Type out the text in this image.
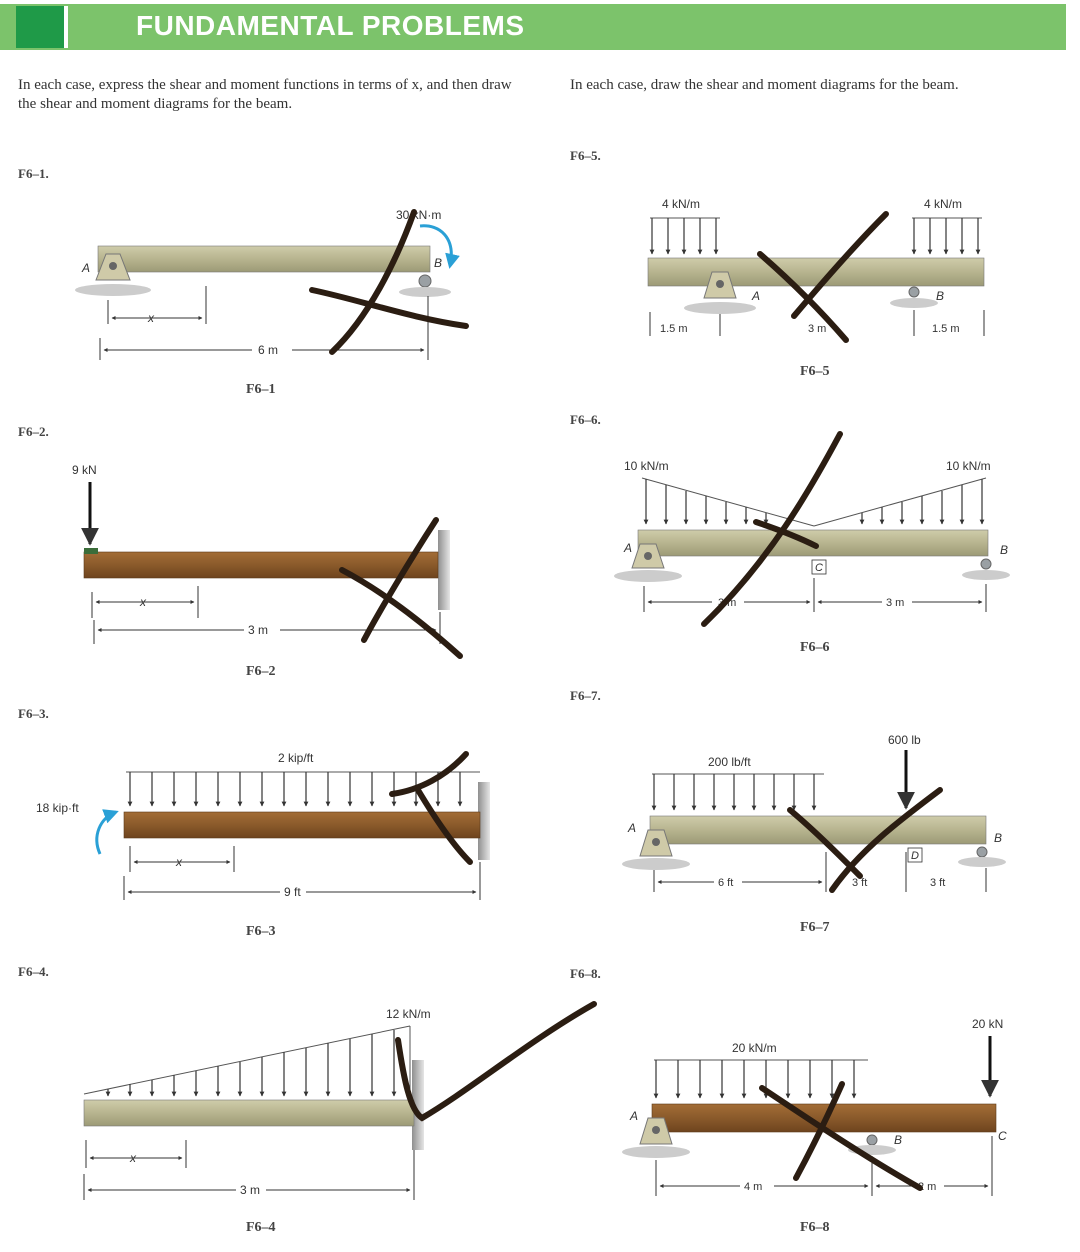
FUNDAMENTAL PROBLEMS
In each case, express the shear and moment functions in terms of x, and then draw the shear and moment diagrams for the beam.
In each case, draw the shear and moment diagrams for the beam.
F6–1.
F6–2.
F6–3.
F6–4.
F6–5.
F6–6.
F6–7.
F6–8.
F6–1
F6–2
F6–3
F6–4
F6–5
F6–6
F6–7
F6–8
A	B
30 kN·m
x
6 m
9 kN
x
3 m
2 kip/ft
18 kip·ft
x
9 ft
12 kN/m
x
3 m
4 kN/m	4 kN/m
A	B
1.5 m	3 m	1.5 m
10 kN/m	10 kN/m
A
C
B
3 m	3 m
200 lb/ft
600 lb
A
D
B
6 ft	3 ft	3 ft
20 kN/m
20 kN
A
B	C
4 m	2 m
